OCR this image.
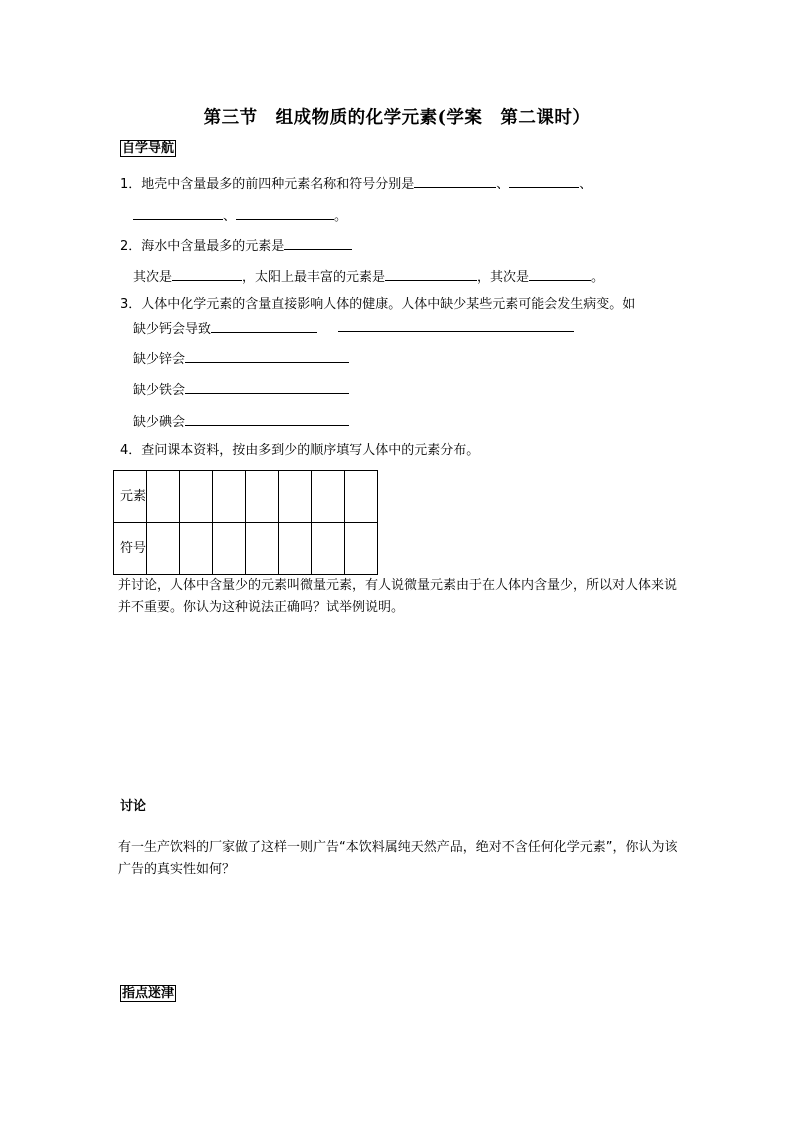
第三节　组成物质的化学元素(学案　第二课时）
自学导航
1．地壳中含量最多的前四种元素名称和符号分别是	、	、
、	。
2．海水中含量最多的元素是
其次是	，太阳上最丰富的元素是	，其次是	。
3．人体中化学元素的含量直接影响人体的健康。人体中缺少某些元素可能会发生病变。如
缺少钙会导致
缺少锌会
缺少铁会
缺少碘会
4．查问课本资料，按由多到少的顺序填写人体中的元素分布。
元素							
符号							
并讨论，人体中含量少的元素叫微量元素，有人说微量元素由于在人体内含量少，所以对人体来说并不重要。你认为这种说法正确吗？试举例说明。
讨论
有一生产饮料的厂家做了这样一则广告“本饮料属纯天然产品，绝对不含任何化学元素”，你认为该广告的真实性如何？
指点迷津
